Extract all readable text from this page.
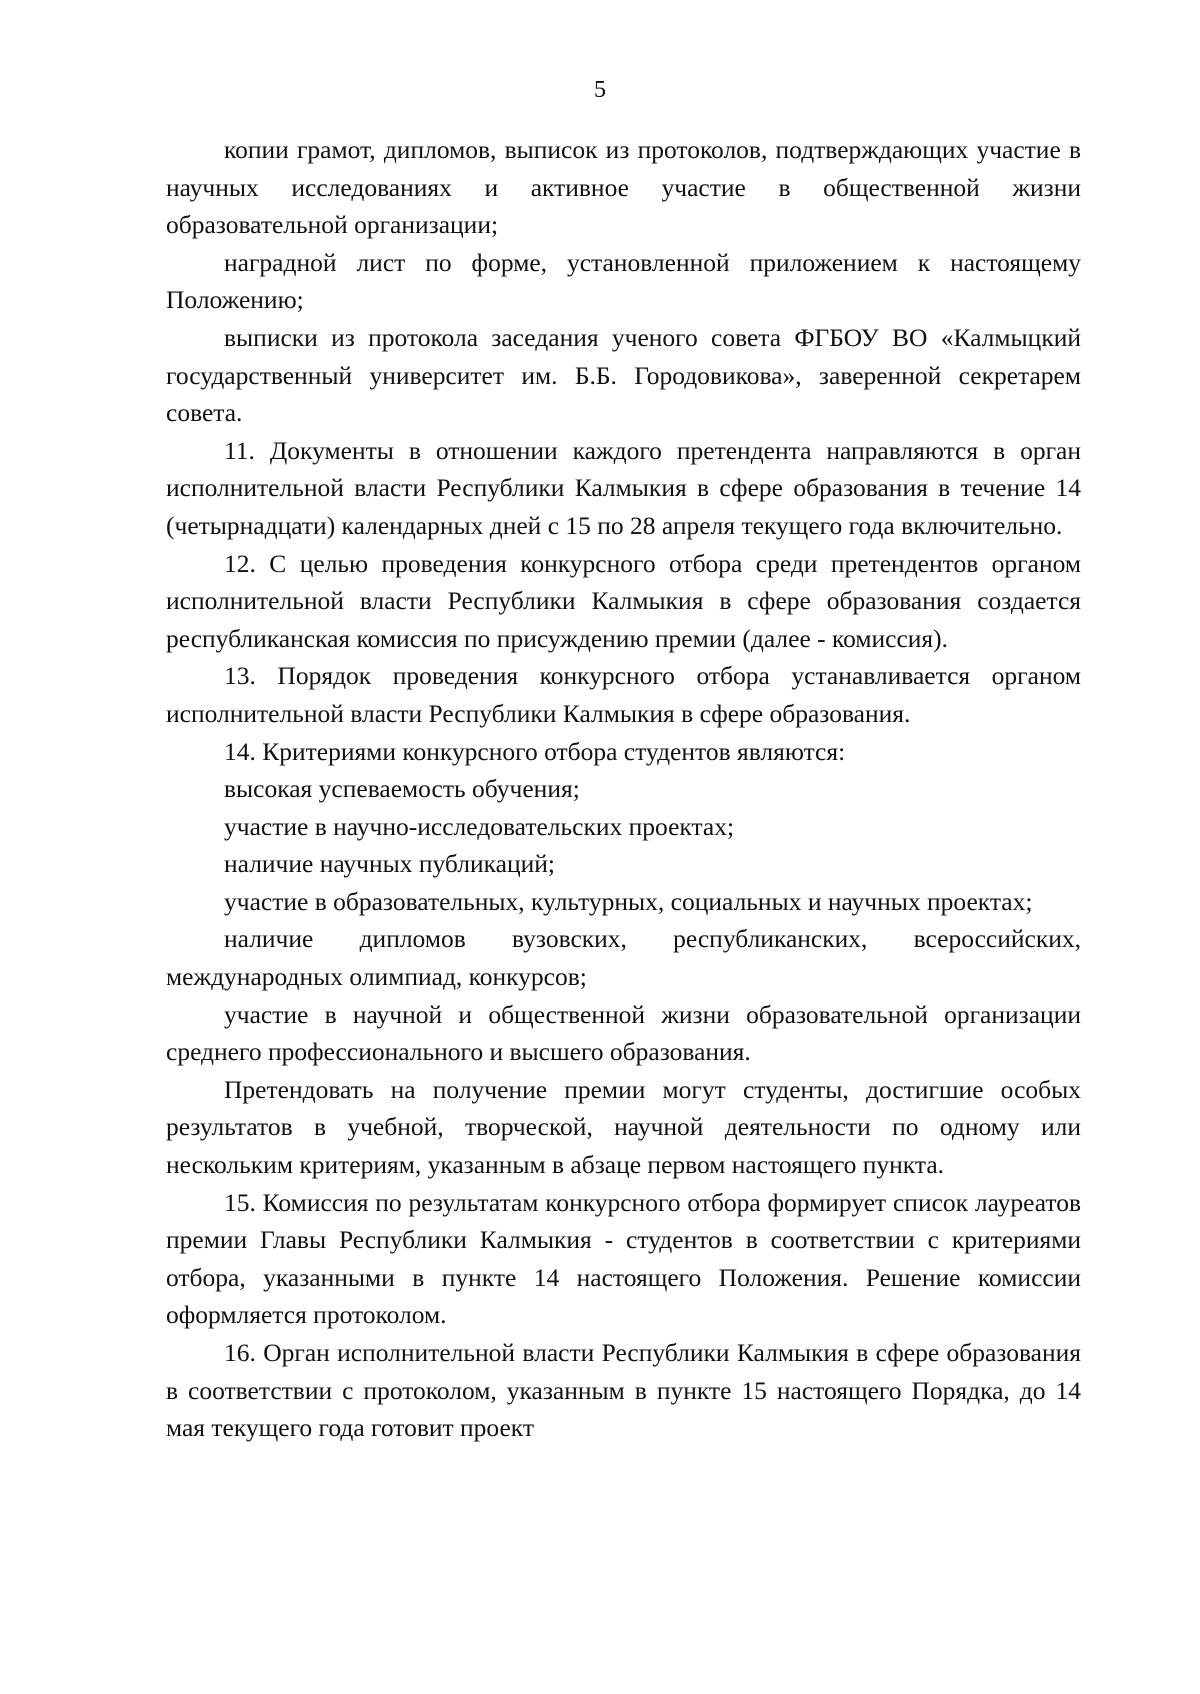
5

копии грамот, дипломов, выписок из протоколов, подтверждающих участие в научных исследованиях и активное участие в общественной жизни образовательной организации;

наградной лист по форме, установленной приложением к настоящему Положению;

выписки из протокола заседания ученого совета ФГБОУ ВО «Калмыцкий государственный университет им. Б.Б. Городовикова», заверенной секретарем совета.

11. Документы в отношении каждого претендента направляются в орган исполнительной власти Республики Калмыкия в сфере образования в течение 14 (четырнадцати) календарных дней с 15 по 28 апреля текущего года включительно.

12. С целью проведения конкурсного отбора среди претендентов органом исполнительной власти Республики Калмыкия в сфере образования создается республиканская комиссия по присуждению премии (далее - комиссия).

13. Порядок проведения конкурсного отбора устанавливается органом исполнительной власти Республики Калмыкия в сфере образования.

14. Критериями конкурсного отбора студентов являются:

высокая успеваемость обучения;

участие в научно-исследовательских проектах;

наличие научных публикаций;

участие в образовательных, культурных, социальных и научных проектах;

наличие дипломов вузовских, республиканских, всероссийских, международных олимпиад, конкурсов;

участие в научной и общественной жизни образовательной организации среднего профессионального и высшего образования.

Претендовать на получение премии могут студенты, достигшие особых результатов в учебной, творческой, научной деятельности по одному или нескольким критериям, указанным в абзаце первом настоящего пункта.

15. Комиссия по результатам конкурсного отбора формирует список лауреатов премии Главы Республики Калмыкия - студентов в соответствии с критериями отбора, указанными в пункте 14 настоящего Положения. Решение комиссии оформляется протоколом.

16. Орган исполнительной власти Республики Калмыкия в сфере образования в соответствии с протоколом, указанным в пункте 15 настоящего Порядка, до 14 мая текущего года готовит проект
